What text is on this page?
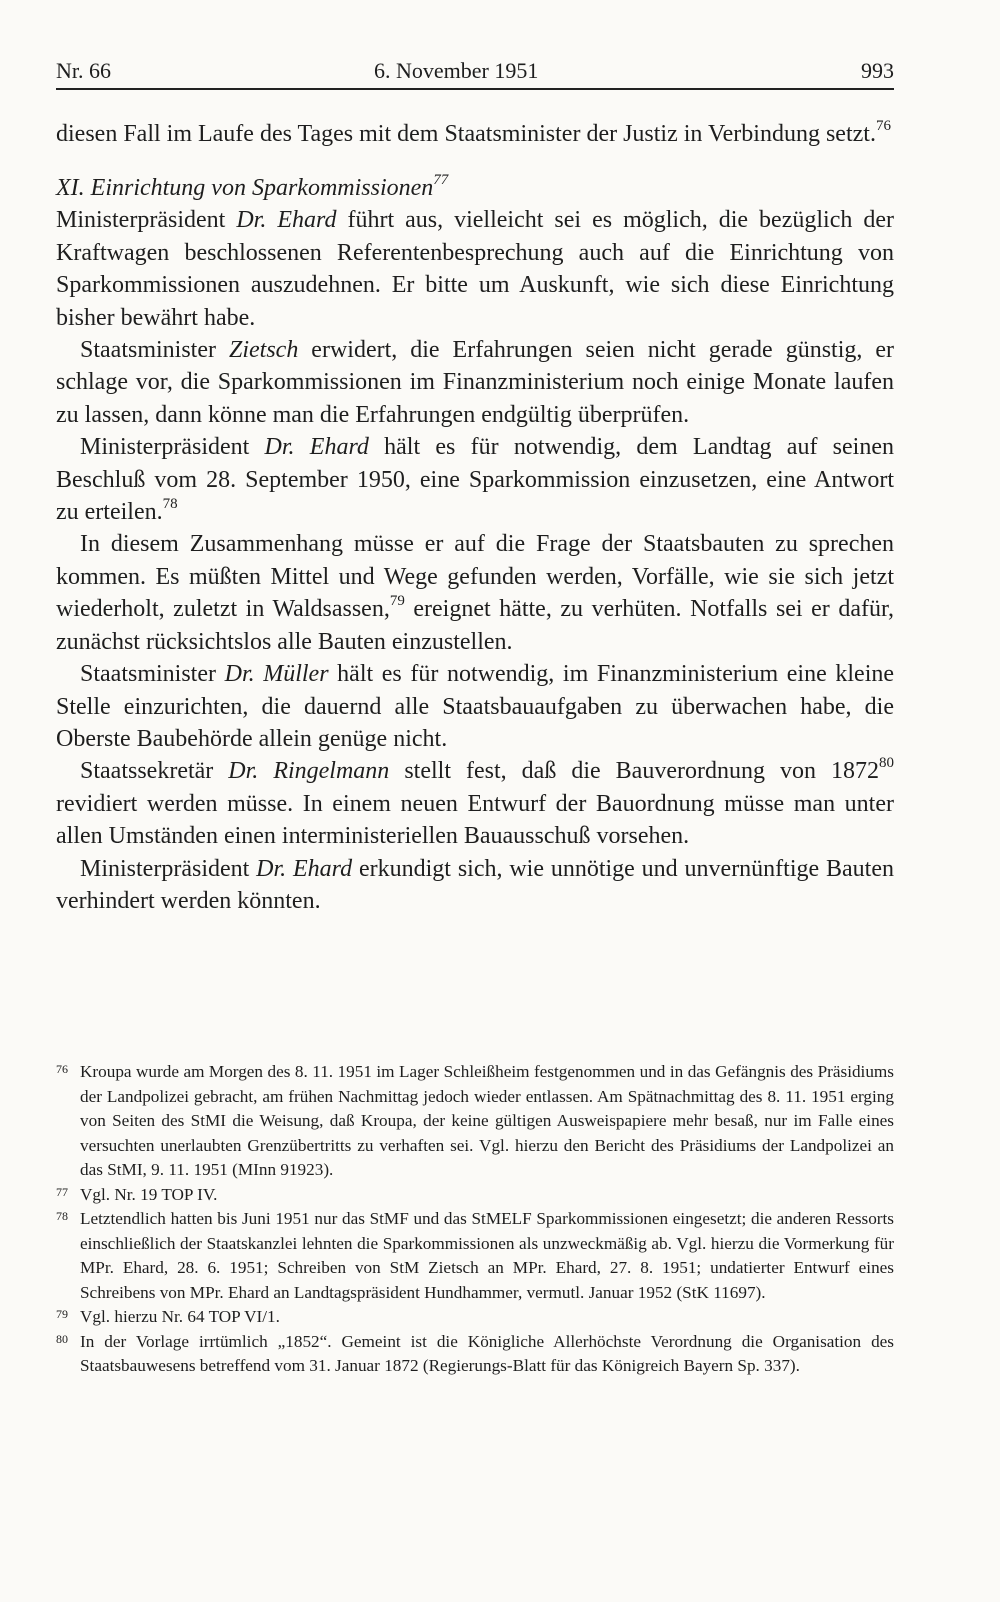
Nr. 66	6. November 1951	993

diesen Fall im Laufe des Tages mit dem Staatsminister der Justiz in Verbindung setzt.$^{76}$

XI. Einrichtung von Sparkommissionen$^{77}$

Ministerpräsident Dr. Ehard führt aus, vielleicht sei es möglich, die bezüglich der Kraftwagen beschlossenen Referentenbesprechung auch auf die Einrichtung von Sparkommissionen auszudehnen. Er bitte um Auskunft, wie sich diese Einrichtung bisher bewährt habe.

Staatsminister Zietsch erwidert, die Erfahrungen seien nicht gerade günstig, er schlage vor, die Sparkommissionen im Finanzministerium noch einige Monate laufen zu lassen, dann könne man die Erfahrungen endgültig überprüfen.

Ministerpräsident Dr. Ehard hält es für notwendig, dem Landtag auf seinen Beschluß vom 28. September 1950, eine Sparkommission einzusetzen, eine Antwort zu erteilen.$^{78}$

In diesem Zusammenhang müsse er auf die Frage der Staatsbauten zu sprechen kommen. Es müßten Mittel und Wege gefunden werden, Vorfälle, wie sie sich jetzt wiederholt, zuletzt in Waldsassen,$^{79}$ ereignet hätte, zu verhüten. Notfalls sei er dafür, zunächst rücksichtslos alle Bauten einzustellen.

Staatsminister Dr. Müller hält es für notwendig, im Finanzministerium eine kleine Stelle einzurichten, die dauernd alle Staatsbauaufgaben zu überwachen habe, die Oberste Baubehörde allein genüge nicht.

Staatssekretär Dr. Ringelmann stellt fest, daß die Bauverordnung von 1872$^{80}$ revidiert werden müsse. In einem neuen Entwurf der Bauordnung müsse man unter allen Umständen einen interministeriellen Bauausschuß vorsehen.

Ministerpräsident Dr. Ehard erkundigt sich, wie unnötige und unvernünftige Bauten verhindert werden könnten.

76 Kroupa wurde am Morgen des 8. 11. 1951 im Lager Schleißheim festgenommen und in das Gefängnis des Präsidiums der Landpolizei gebracht, am frühen Nachmittag jedoch wieder entlassen. Am Spätnachmittag des 8. 11. 1951 erging von Seiten des StMI die Weisung, daß Kroupa, der keine gültigen Ausweispapiere mehr besaß, nur im Falle eines versuchten unerlaubten Grenzübertritts zu verhaften sei. Vgl. hierzu den Bericht des Präsidiums der Landpolizei an das StMI, 9. 11. 1951 (MInn 91923).
77 Vgl. Nr. 19 TOP IV.
78 Letztendlich hatten bis Juni 1951 nur das StMF und das StMELF Sparkommissionen eingesetzt; die anderen Ressorts einschließlich der Staatskanzlei lehnten die Sparkommissionen als unzweckmäßig ab. Vgl. hierzu die Vormerkung für MPr. Ehard, 28. 6. 1951; Schreiben von StM Zietsch an MPr. Ehard, 27. 8. 1951; undatierter Entwurf eines Schreibens von MPr. Ehard an Landtagspräsident Hundhammer, vermutl. Januar 1952 (StK 11697).
79 Vgl. hierzu Nr. 64 TOP VI/1.
80 In der Vorlage irrtümlich „1852“. Gemeint ist die Königliche Allerhöchste Verordnung die Organisation des Staatsbauwesens betreffend vom 31. Januar 1872 (Regierungs-Blatt für das Königreich Bayern Sp. 337).
